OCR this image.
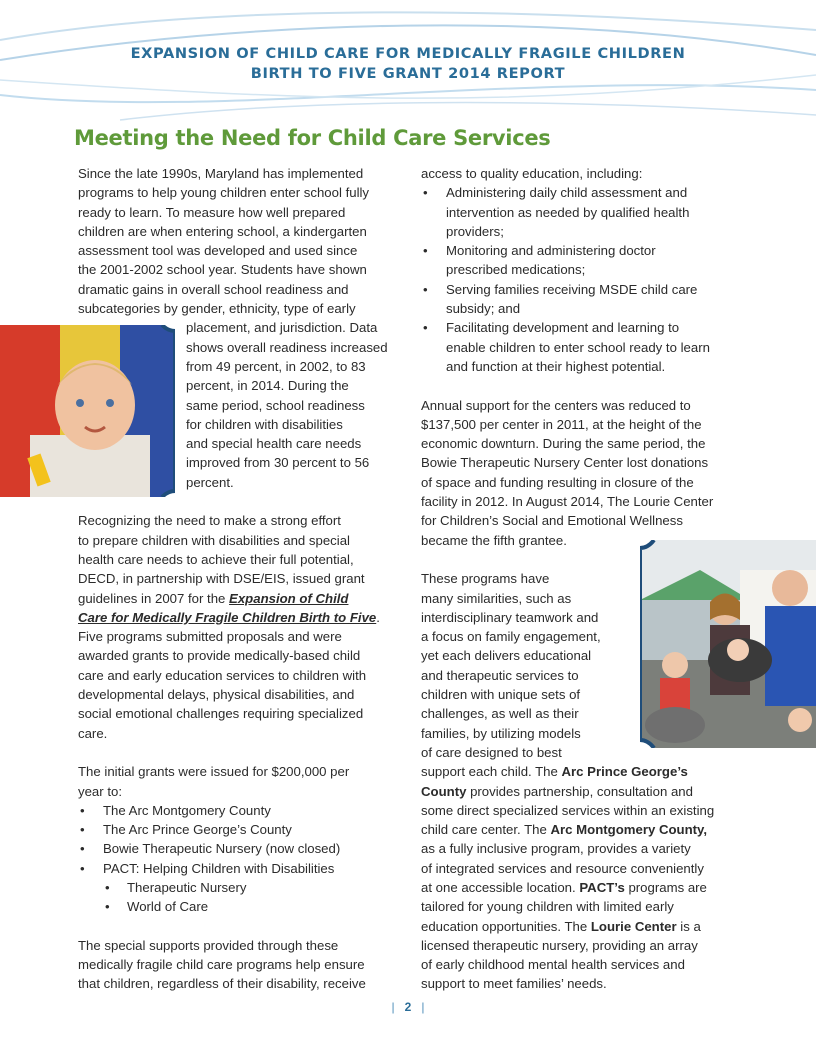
EXPANSION OF CHILD CARE FOR MEDICALLY FRAGILE CHILDREN
BIRTH TO FIVE GRANT 2014 REPORT
Meeting the Need for Child Care Services

Since the late 1990s, Maryland has implemented

programs to help young children enter school fully

ready to learn. To measure how well prepared

children are when entering school, a kindergarten

assessment tool was developed and used since

the 2001-2002 school year. Students have shown

dramatic gains in overall school readiness and

subcategories by gender, ethnicity, type of early

placement, and jurisdiction. Data

shows overall readiness increased

from 49 percent, in 2002, to 83

percent, in 2014. During the

same period, school readiness

for children with disabilities

and special health care needs

improved from 30 percent to 56

percent.

Recognizing the need to make a strong effort

to prepare children with disabilities and special

health care needs to achieve their full potential,

DECD, in partnership with DSE/EIS, issued grant

guidelines in 2007 for the Expansion of Child

Care for Medically Fragile Children Birth to Five.

Five programs submitted proposals and were

awarded grants to provide medically-based child

care and early education services to children with

developmental delays, physical disabilities, and

social emotional challenges requiring specialized

care.

The initial grants were issued for $200,000 per

year to:

• The Arc Montgomery County
• The Arc Prince George’s County
• Bowie Therapeutic Nursery (now closed)
• PACT: Helping Children with Disabilities
• Therapeutic Nursery
• World of Care

The special supports provided through these

medically fragile child care programs help ensure

that children, regardless of their disability, receive

access to quality education, including:

• Administering daily child assessment and
intervention as needed by qualified health
providers;
• Monitoring and administering doctor
prescribed medications;
• Serving families receiving MSDE child care
subsidy; and
• Facilitating development and learning to
enable children to enter school ready to learn
and function at their highest potential.

Annual support for the centers was reduced to

$137,500 per center in 2011, at the height of the

economic downturn. During the same period, the

Bowie Therapeutic Nursery Center lost donations

of space and funding resulting in closure of the

facility in 2012. In August 2014, The Lourie Center

for Children’s Social and Emotional Wellness

became the fifth grantee.

These programs have

many similarities, such as

interdisciplinary teamwork and

a focus on family engagement,

yet each delivers educational

and therapeutic services to

children with unique sets of

challenges, as well as their

families, by utilizing models

of care designed to best

support each child. The Arc Prince George’s

County provides partnership, consultation and

some direct specialized services within an existing

child care center. The Arc Montgomery County,

as a fully inclusive program, provides a variety

of integrated services and resource conveniently

at one accessible location. PACT’s programs are

tailored for young children with limited early

education opportunities. The Lourie Center is a

licensed therapeutic nursery, providing an array

of early childhood mental health services and

support to meet families’ needs.

| 2 |
